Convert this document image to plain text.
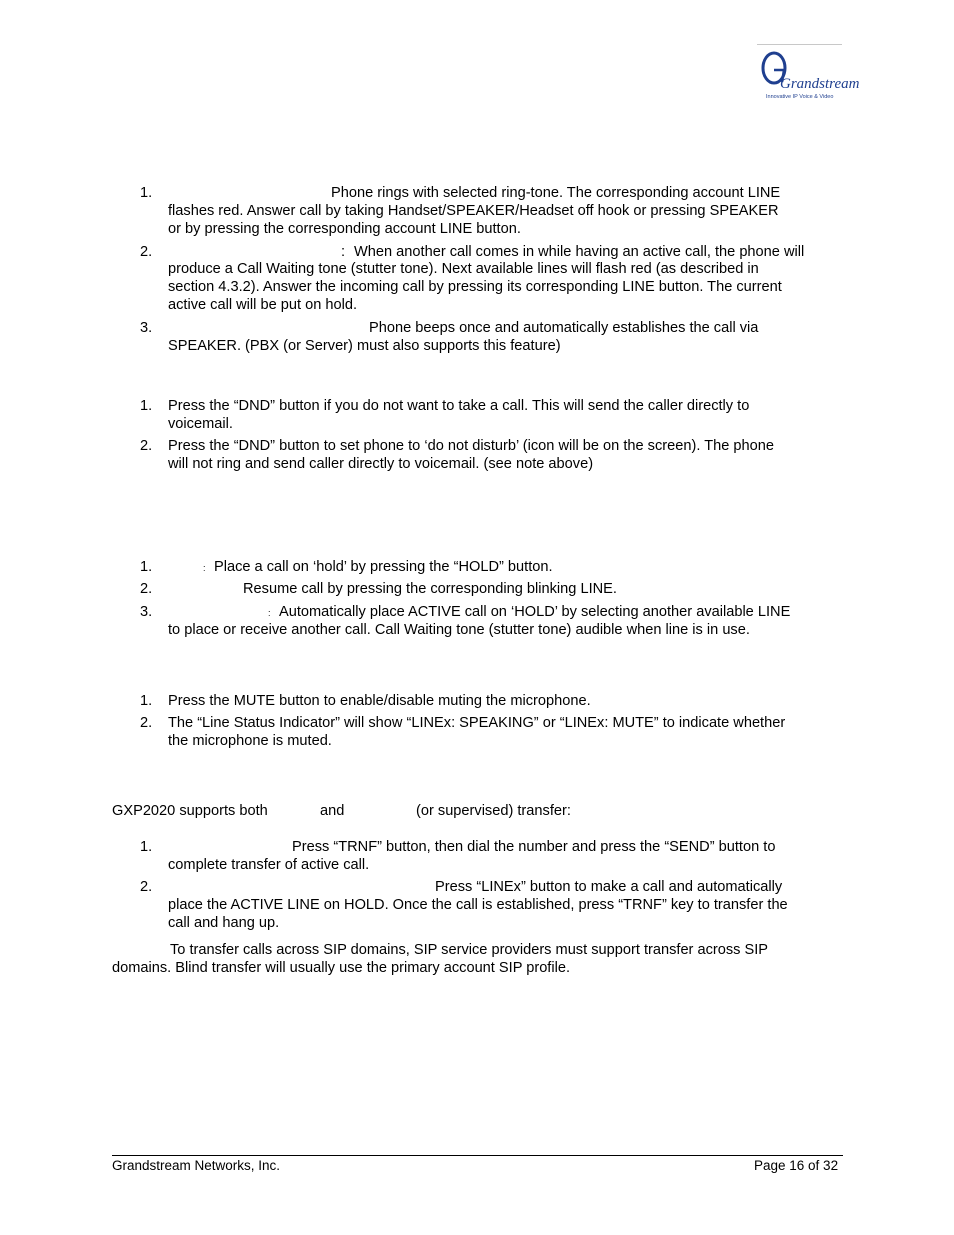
Grandstream
Innovative IP Voice & Video
1.	Phone rings with selected ring-tone. The corresponding account LINE
flashes red. Answer call by taking Handset/SPEAKER/Headset off hook or pressing SPEAKER
or by pressing the corresponding account LINE button.
2.	: When another call comes in while having an active call, the phone will
produce a Call Waiting tone (stutter tone). Next available lines will flash red (as described in
section 4.3.2). Answer the incoming call by pressing its corresponding LINE button. The current
active call will be put on hold.
3.	Phone beeps once and automatically establishes the call via
SPEAKER. (PBX (or Server) must also supports this feature)
1.	Press the “DND” button if you do not want to take a call. This will send the caller directly to
voicemail.
2.	Press the “DND” button to set phone to ‘do not disturb’ (icon will be on the screen). The phone
will not ring and send caller directly to voicemail. (see note above)
1.	: Place a call on ‘hold’ by pressing the “HOLD” button.
2.	Resume call by pressing the corresponding blinking LINE.
3.	: Automatically place ACTIVE call on ‘HOLD’ by selecting another available LINE
to place or receive another call. Call Waiting tone (stutter tone) audible when line is in use.
1.	Press the MUTE button to enable/disable muting the microphone.
2.	The “Line Status Indicator” will show “LINEx: SPEAKING” or “LINEx: MUTE” to indicate whether
the microphone is muted.
GXP2020 supports both	and	(or supervised) transfer:
1.	Press “TRNF” button, then dial the number and press the “SEND” button to
complete transfer of active call.
2.	Press “LINEx” button to make a call and automatically
place the ACTIVE LINE on HOLD. Once the call is established, press “TRNF” key to transfer the
call and hang up.
To transfer calls across SIP domains, SIP service providers must support transfer across SIP
domains. Blind transfer will usually use the primary account SIP profile.
Grandstream Networks, Inc.	Page 16 of 32
